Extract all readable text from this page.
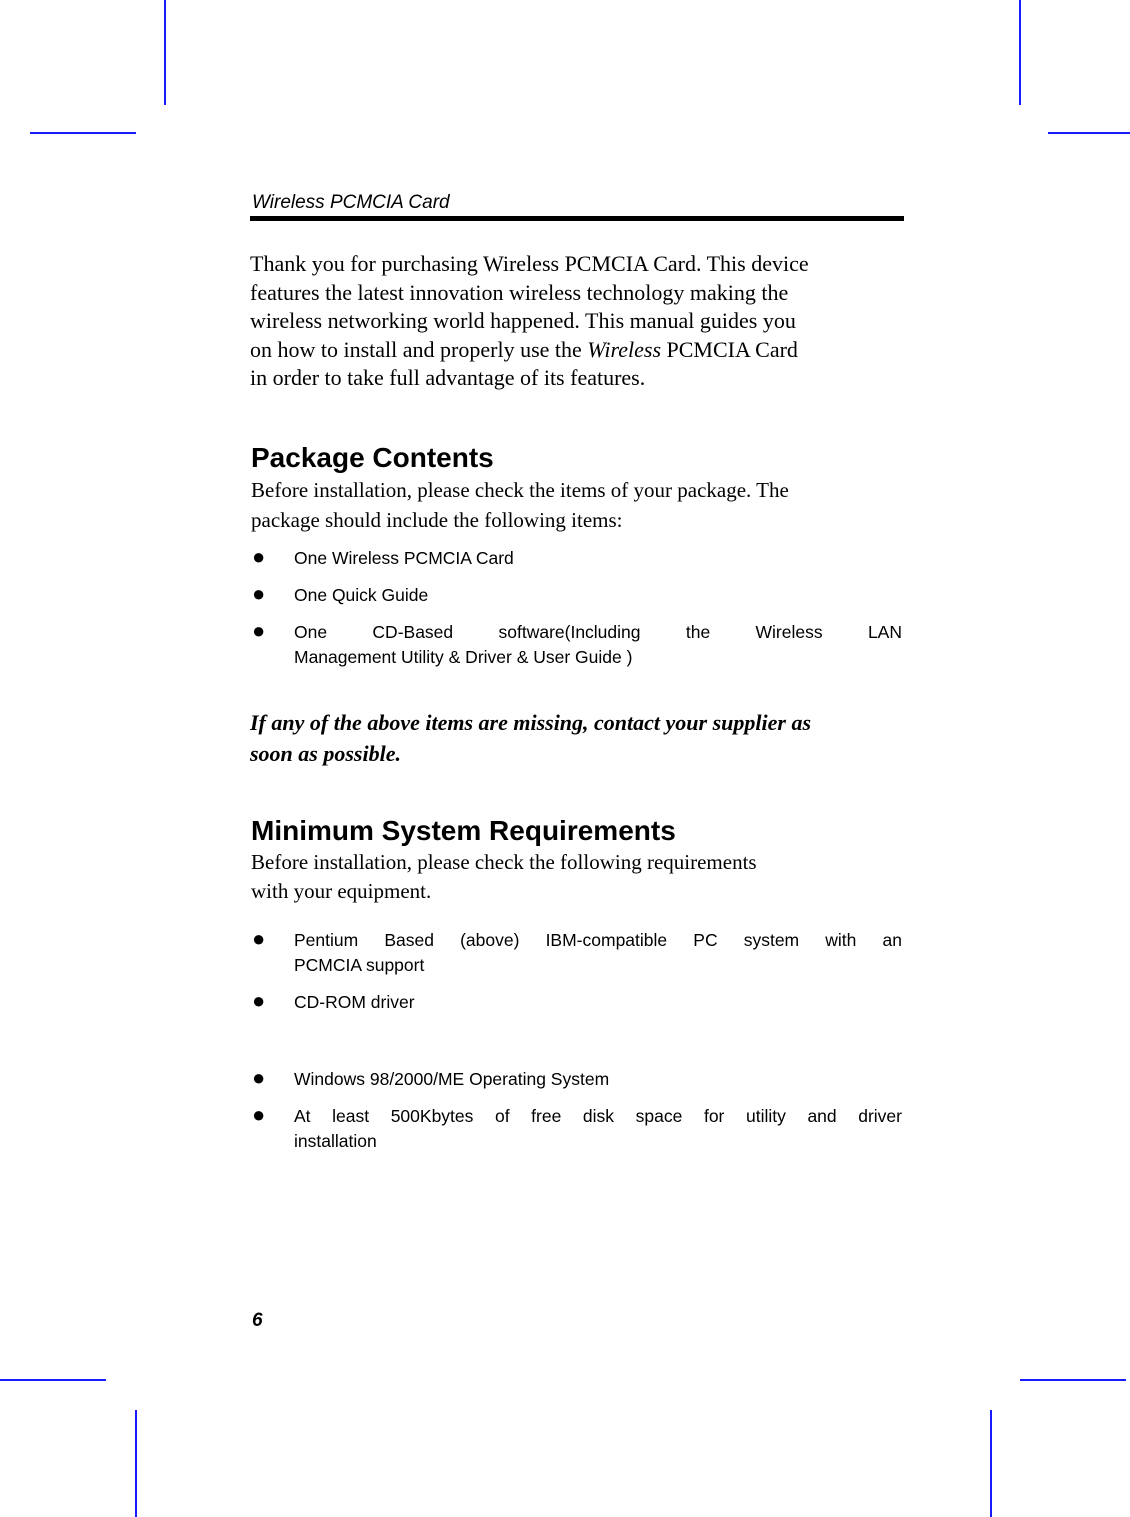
Wireless PCMCIA Card
Thank you for purchasing Wireless PCMCIA Card. This device
features the latest innovation wireless technology making the
wireless networking world happened. This manual guides you
on how to install and properly use the Wireless PCMCIA Card
in order to take full advantage of its features.
Package Contents
Before installation, please check the items of your package. The
package should include the following items:
● One Wireless PCMCIA Card
● One Quick Guide
● One CD-Based software(Including the Wireless LAN
Management Utility & Driver & User Guide )
If any of the above items are missing, contact your supplier as
soon as possible.
Minimum System Requirements
Before installation, please check the following requirements
with your equipment.
● Pentium Based (above) IBM-compatible PC system with an
PCMCIA support
● CD-ROM driver
● Windows 98/2000/ME Operating System
● At least 500Kbytes of free disk space for utility and driver
installation
6
